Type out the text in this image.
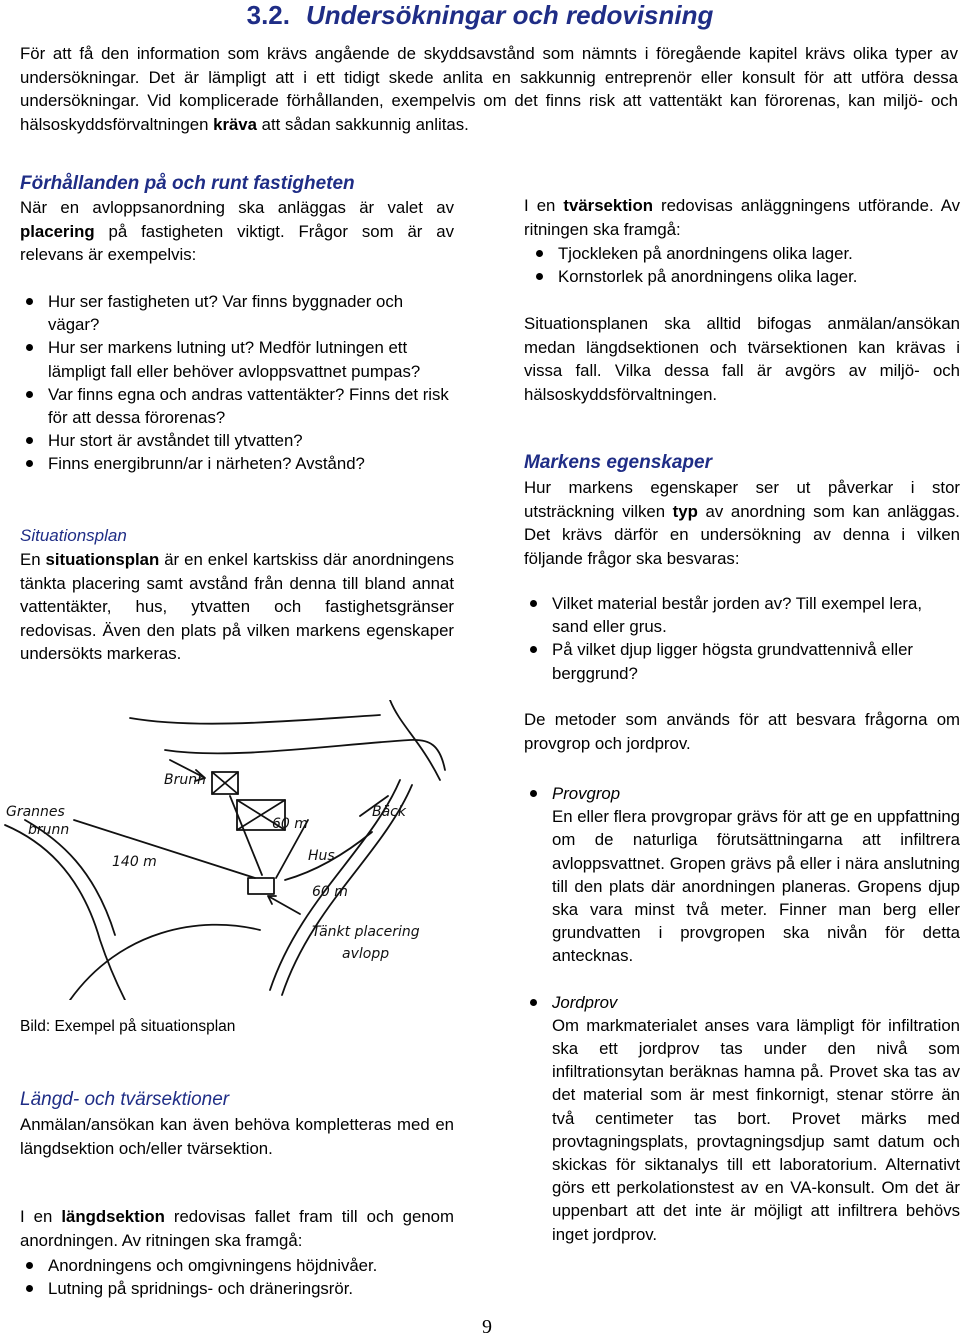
3.2. Undersökningar och redovisning
För att få den information som krävs angående de skyddsavstånd som nämnts i föregående kapitel krävs olika typer av undersökningar. Det är lämpligt att i ett tidigt skede anlita en sakkunnig entreprenör eller konsult för att utföra dessa undersökningar. Vid komplicerade förhållanden, exempelvis om det finns risk att vattentäkt kan förorenas, kan miljö- och hälsoskyddsförvaltningen kräva att sådan sakkunnig anlitas.
Förhållanden på och runt fastigheten
När en avloppsanordning ska anläggas är valet av placering på fastigheten viktigt. Frågor som är av relevans är exempelvis:
Hur ser fastigheten ut? Var finns byggnader och vägar?
Hur ser markens lutning ut? Medför lutningen ett lämpligt fall eller behöver avloppsvattnet pumpas?
Var finns egna och andras vattentäkter? Finns det risk för att dessa förorenas?
Hur stort är avståndet till ytvatten?
Finns energibrunn/ar i närheten? Avstånd?
Situationsplan
En situationsplan är en enkel kartskiss där anordningens tänkta placering samt avstånd från denna till bland annat vattentäkter, hus, ytvatten och fastighetsgränser redovisas. Även den plats på vilken markens egenskaper undersökts markeras.
Grannes
brunn
Brunn
60 m
Bäck
Hus
140 m
60 m
Tänkt placering
avlopp
Bild: Exempel på situationsplan
Längd- och tvärsektioner
Anmälan/ansökan kan även behöva kompletteras med en längdsektion och/eller tvärsektion.
I en längdsektion redovisas fallet fram till och genom anordningen. Av ritningen ska framgå:
Anordningens och omgivningens höjdnivåer.
Lutning på spridnings- och dräneringsrör.
I en tvärsektion redovisas anläggningens utförande. Av ritningen ska framgå:
Tjockleken på anordningens olika lager.
Kornstorlek på anordningens olika lager.
Situationsplanen ska alltid bifogas anmälan/ansökan medan längdsektionen och tvärsektionen kan krävas i vissa fall. Vilka dessa fall är avgörs av miljö- och hälsoskyddsförvaltningen.
Markens egenskaper
Hur markens egenskaper ser ut påverkar i stor utsträckning vilken typ av anordning som kan anläggas. Det krävs därför en undersökning av denna i vilken följande frågor ska besvaras:
Vilket material består jorden av? Till exempel lera, sand eller grus.
På vilket djup ligger högsta grundvattennivå eller berggrund?
De metoder som används för att besvara frågorna om provgrop och jordprov.
Provgrop
En eller flera provgropar grävs för att ge en uppfattning om de naturliga förutsättningarna att infiltrera avloppsvattnet. Gropen grävs på eller i nära anslutning till den plats där anordningen planeras. Gropens djup ska vara minst två meter. Finner man berg eller grundvatten i provgropen ska nivån för detta antecknas.
Jordprov
Om markmaterialet anses vara lämpligt för infiltration ska ett jordprov tas under den nivå som infiltrationsytan beräknas hamna på. Provet ska tas av det material som är mest finkornigt, stenar större än två centimeter tas bort. Provet märks med provtagningsplats, provtagningsdjup samt datum och skickas för siktanalys till ett laboratorium. Alternativt görs ett perkolationstest av en VA-konsult. Om det är uppenbart att det inte är möjligt att infiltrera behövs inget jordprov.
9
